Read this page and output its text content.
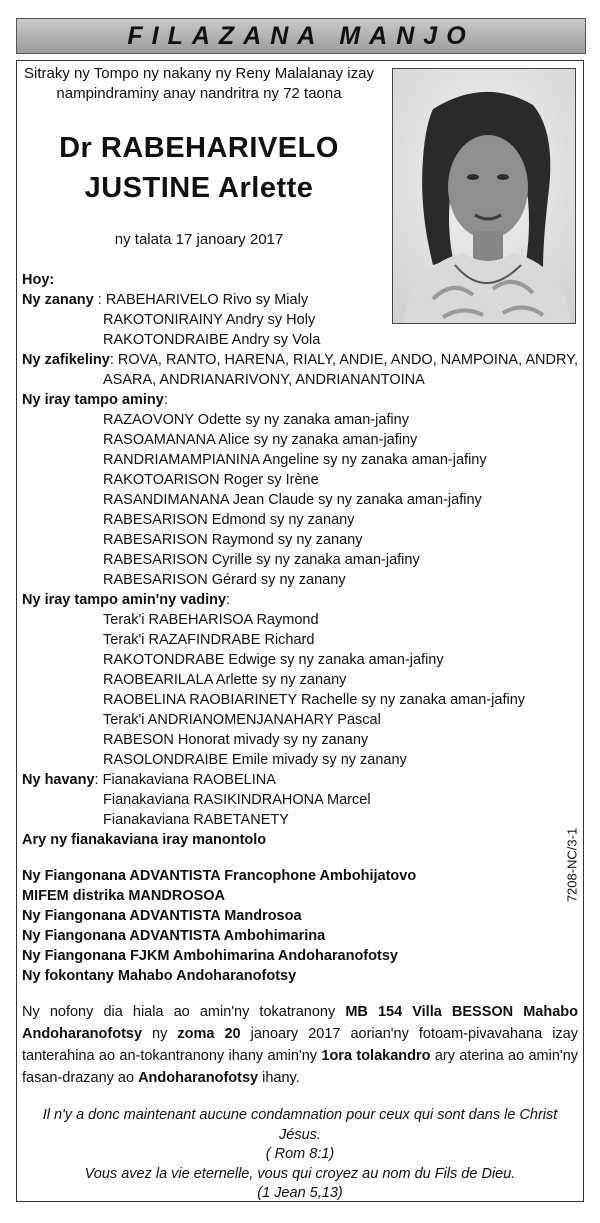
FILAZANA MANJO
Sitraky ny Tompo ny nakany ny Reny Malalanay izay
nampindraminy anay nandritra ny 72 taona
Dr RABEHARIVELO
JUSTINE Arlette
ny talata 17 janoary 2017
Hoy:
Ny zanany : RABEHARIVELO Rivo sy Mialy
RAKOTONIRAINY Andry sy Holy
RAKOTONDRAIBE Andry sy Vola
Ny zafikeliny: ROVA, RANTO, HARENA, RIALY, ANDIE, ANDO, NAMPOINA, ANDRY,
ASARA, ANDRIANARIVONY, ANDRIANANTOINA
Ny iray tampo aminy:
RAZAOVONY Odette sy ny zanaka aman-jafiny
RASOAMANANA Alice sy ny zanaka aman-jafiny
RANDRIAMAMPIANINA Angeline sy ny zanaka aman-jafiny
RAKOTOARISON Roger sy Irène
RASANDIMANANA Jean Claude sy ny zanaka aman-jafiny
RABESARISON Edmond sy ny zanany
RABESARISON Raymond sy ny zanany
RABESARISON Cyrille sy ny zanaka aman-jafiny
RABESARISON Gérard sy ny zanany
Ny iray tampo amin'ny vadiny:
Terak'i RABEHARISOA Raymond
Terak'i RAZAFINDRABE Richard
RAKOTONDRABE Edwige sy ny zanaka aman-jafiny
RAOBEARILALA Arlette sy ny zanany
RAOBELINA RAOBIARINETY Rachelle sy ny zanaka aman-jafiny
Terak'i ANDRIANOMENJANAHARY Pascal
RABESON Honorat mivady sy ny zanany
RASOLONDRAIBE Emile mivady sy ny zanany
Ny havany: Fianakaviana RAOBELINA
Fianakaviana RASIKINDRAHONA Marcel
Fianakaviana RABETANETY
Ary ny fianakaviana iray manontolo
Ny Fiangonana ADVANTISTA Francophone Ambohijatovo
MIFEM distrika MANDROSOA
Ny Fiangonana ADVANTISTA Mandrosoa
Ny Fiangonana ADVANTISTA Ambohimarina
Ny Fiangonana FJKM Ambohimarina Andoharanofotsy
Ny fokontany Mahabo Andoharanofotsy
7208-NC/3-1
Ny nofony dia hiala ao amin'ny tokatranony MB 154 Villa BESSON Mahabo Andoharanofotsy ny zoma 20 janoary 2017 aorian'ny fotoam-pivavahana izay tanterahina ao an-tokantranony ihany amin'ny 1ora tolakandro ary aterina ao amin'ny fasan-drazany ao Andoharanofotsy ihany.
Il n'y a donc maintenant aucune condamnation pour ceux qui sont dans le Christ Jésus.
( Rom 8:1)
Vous avez la vie eternelle, vous qui croyez au nom du Fils de Dieu.
(1 Jean 5,13)
